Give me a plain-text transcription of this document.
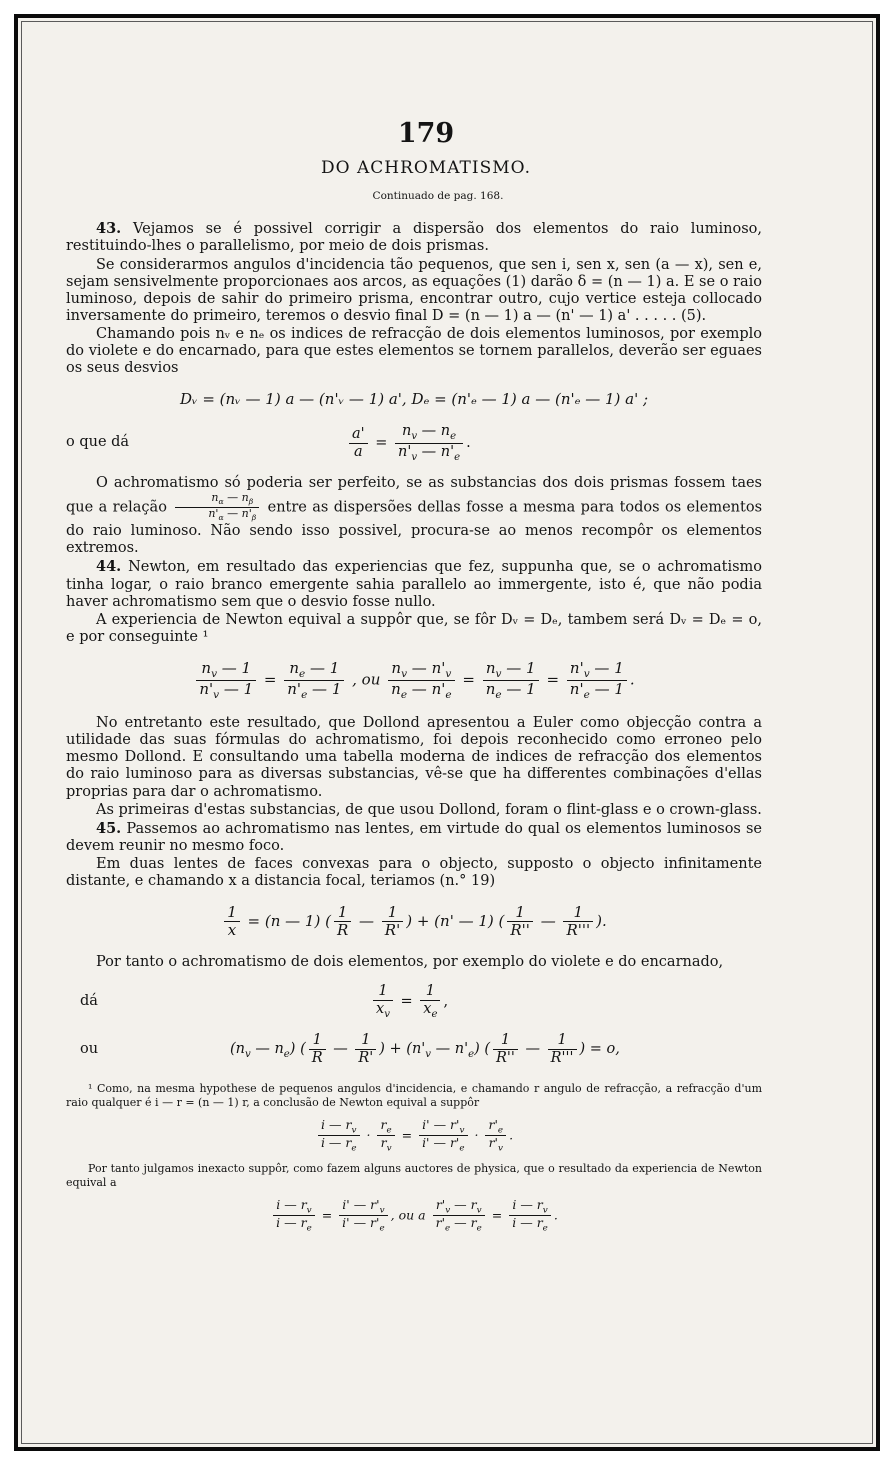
179
DO ACHROMATISMO.
Continuado de pag. 168.

43. Vejamos se é possivel corrigir a dispersão dos elementos do raio luminoso, restituindo-lhes o parallelismo, por meio de dois prismas.

Se considerarmos angulos d'incidencia tão pequenos, que sen i, sen x, sen (a — x), sen e, sejam sensivelmente proporcionaes aos arcos, as equações (1) darão δ = (n — 1) a. E se o raio luminoso, depois de sahir do primeiro prisma, encontrar outro, cujo vertice esteja collocado inversamente do primeiro, teremos o desvio final D = (n — 1) a — (n' — 1) a' . . . . . (5).

Chamando pois nᵥ e nₑ os indices de refracção de dois elementos luminosos, por exemplo do violete e do encarnado, para que estes elementos se tornem parallelos, deverão ser eguaes os seus desvios

Dᵥ = (nᵥ — 1) a — (n'ᵥ — 1) a', Dₑ = (n'ₑ — 1) a — (n'ₑ — 1) a' ;
o que dá	$\frac{a'}{a} = \frac{n_v — n_e}{n'_v — n'_e}$ .

O achromatismo só poderia ser perfeito, se as substancias dos dois prismas fossem taes que a relação $\frac{n_\alpha — n_\beta}{n'_\alpha — n'_\beta}$ entre as dispersões dellas fosse a mesma para todos os elementos do raio luminoso. Não sendo isso possivel, procura-se ao menos recompôr os elementos extremos.

44. Newton, em resultado das experiencias que fez, suppunha que, se o achromatismo tinha logar, o raio branco emergente sahia parallelo ao immergente, isto é, que não podia haver achromatismo sem que o desvio fosse nullo.

A experiencia de Newton equival a suppôr que, se fôr Dᵥ = Dₑ, tambem será Dᵥ = Dₑ = o, e por conseguinte ¹

$\frac{n_v — 1}{n'_v — 1} = \frac{n_e — 1}{n'_e — 1}$ , ou $\frac{n_v — n'_v}{n_e — n'_e} = \frac{n_v — 1}{n_e — 1} = \frac{n'_v — 1}{n'_e — 1}$ .

No entretanto este resultado, que Dollond apresentou a Euler como objecção contra a utilidade das suas fórmulas do achromatismo, foi depois reconhecido como erroneo pelo mesmo Dollond. E consultando uma tabella moderna de indices de refracção dos elementos do raio luminoso para as diversas substancias, vê-se que ha differentes combinações d'ellas proprias para dar o achromatismo.

As primeiras d'estas substancias, de que usou Dollond, foram o flint-glass e o crown-glass.

45. Passemos ao achromatismo nas lentes, em virtude do qual os elementos luminosos se devem reunir no mesmo foco.

Em duas lentes de faces convexas para o objecto, supposto o objecto infinitamente distante, e chamando x a distancia focal, teriamos (n.° 19)

$\frac{1}{x} = (n$ — 1) ( $\frac{1}{R}$ — $\frac{1}{R'}$ ) + (n' — 1) ( $\frac{1}{R''}$ — $\frac{1}{R'''}$ ).

Por tanto o achromatismo de dois elementos, por exemplo do violete e do encarnado,

dá	$\frac{1}{x_v} = \frac{1}{x_e}$ ,
ou	($n_v$ — $n_e$) ( $\frac{1}{R}$ — $\frac{1}{R'}$ ) + ($n'_v$ — $n'_e$) ( $\frac{1}{R''}$ — $\frac{1}{R'''}$ ) = o,

¹ Como, na mesma hypothese de pequenos angulos d'incidencia, e chamando r angulo de refracção, a refracção d'um raio qualquer é i — r = (n — 1) r, a conclusão de Newton equival a suppôr

$\frac{i — r_v}{i — r_e} \cdot \frac{r_e}{r_v} = \frac{i' — r'_v}{i' — r'_e} \cdot \frac{r'_e}{r'_v}$ .

Por tanto julgamos inexacto suppôr, como fazem alguns auctores de physica, que o resultado da experiencia de Newton equival a

$\frac{i — r_v}{i — r_e} = \frac{i' — r'_v}{i' — r'_e}$ , ou a $\frac{r'_v — r_v}{r'_e — r_e} = \frac{i — r_v}{i — r_e}$ .
